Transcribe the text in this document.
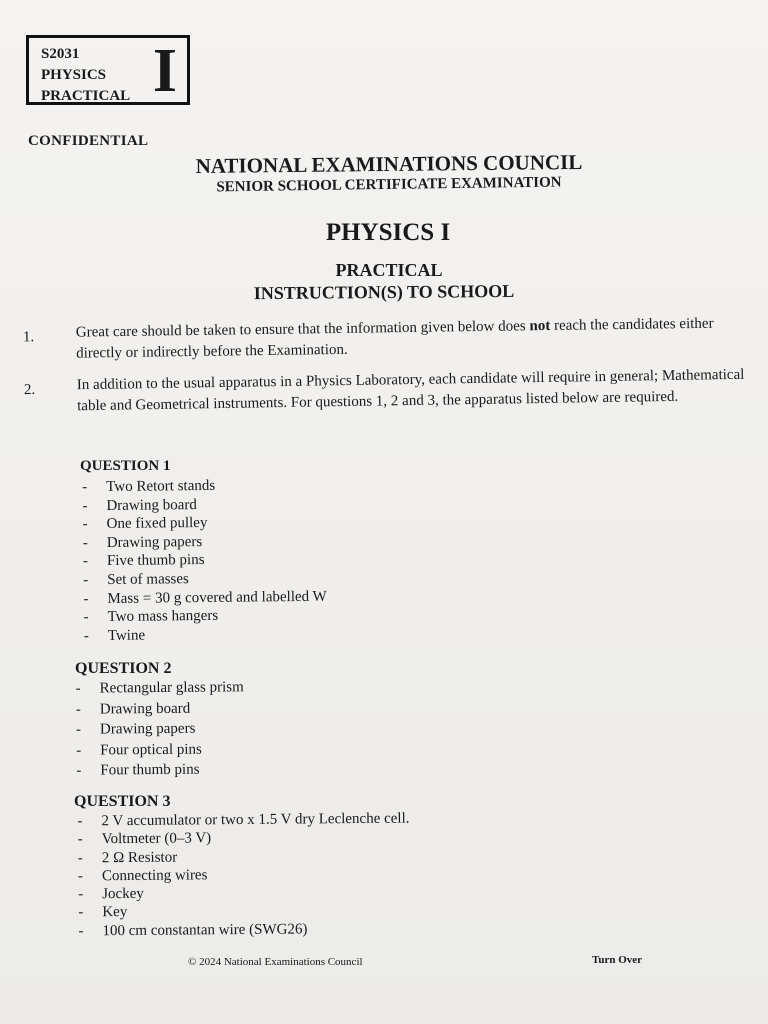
S2031
PHYSICS
PRACTICAL I
CONFIDENTIAL
NATIONAL EXAMINATIONS COUNCIL
SENIOR SCHOOL CERTIFICATE EXAMINATION
PHYSICS I
PRACTICAL
INSTRUCTION(S) TO SCHOOL
1.	Great care should be taken to ensure that the information given below does not reach the candidates either directly or indirectly before the Examination.
2.	In addition to the usual apparatus in a Physics Laboratory, each candidate will require in general; Mathematical table and Geometrical instruments. For questions 1, 2 and 3, the apparatus listed below are required.
QUESTION 1
- Two Retort stands
- Drawing board
- One fixed pulley
- Drawing papers
- Five thumb pins
- Set of masses
- Mass = 30 g covered and labelled W
- Two mass hangers
- Twine
QUESTION 2
- Rectangular glass prism
- Drawing board
- Drawing papers
- Four optical pins
- Four thumb pins
QUESTION 3
- 2 V accumulator or two x 1.5 V dry Leclenche cell.
- Voltmeter (0–3 V)
- 2 Ω Resistor
- Connecting wires
- Jockey
- Key
- 100 cm constantan wire (SWG26)
© 2024 National Examinations Council	Turn Over
